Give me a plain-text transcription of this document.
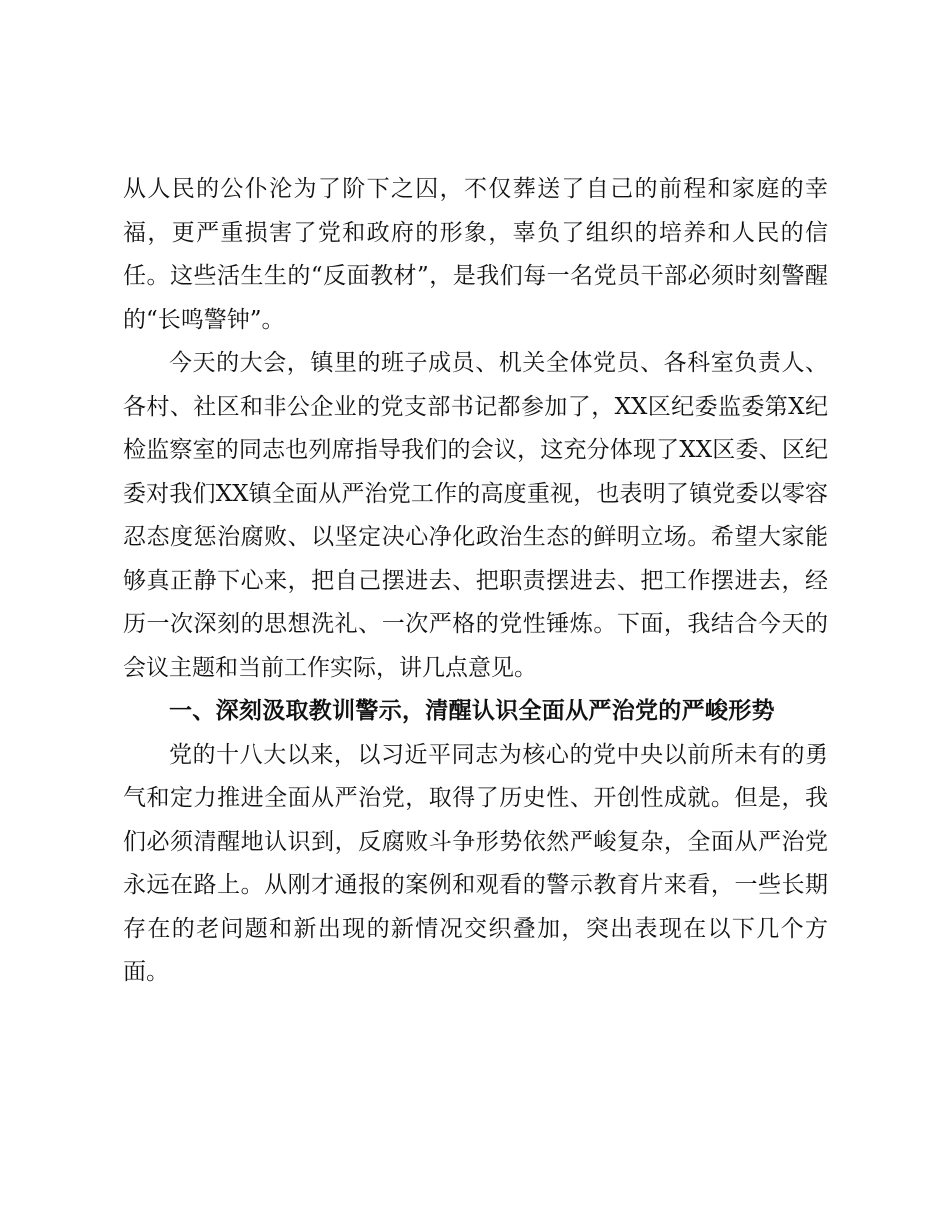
从人民的公仆沦为了阶下之囚，不仅葬送了自己的前程和家庭的幸福，更严重损害了党和政府的形象，辜负了组织的培养和人民的信任。这些活生生的“反面教材”，是我们每一名党员干部必须时刻警醒的“长鸣警钟”。

今天的大会，镇里的班子成员、机关全体党员、各科室负责人、各村、社区和非公企业的党支部书记都参加了，XX区纪委监委第X纪检监察室的同志也列席指导我们的会议，这充分体现了XX区委、区纪委对我们XX镇全面从严治党工作的高度重视，也表明了镇党委以零容忍态度惩治腐败、以坚定决心净化政治生态的鲜明立场。希望大家能够真正静下心来，把自己摆进去、把职责摆进去、把工作摆进去，经历一次深刻的思想洗礼、一次严格的党性锤炼。下面，我结合今天的会议主题和当前工作实际，讲几点意见。

一、深刻汲取教训警示，清醒认识全面从严治党的严峻形势

党的十八大以来，以习近平同志为核心的党中央以前所未有的勇气和定力推进全面从严治党，取得了历史性、开创性成就。但是，我们必须清醒地认识到，反腐败斗争形势依然严峻复杂，全面从严治党永远在路上。从刚才通报的案例和观看的警示教育片来看，一些长期存在的老问题和新出现的新情况交织叠加，突出表现在以下几个方面。
